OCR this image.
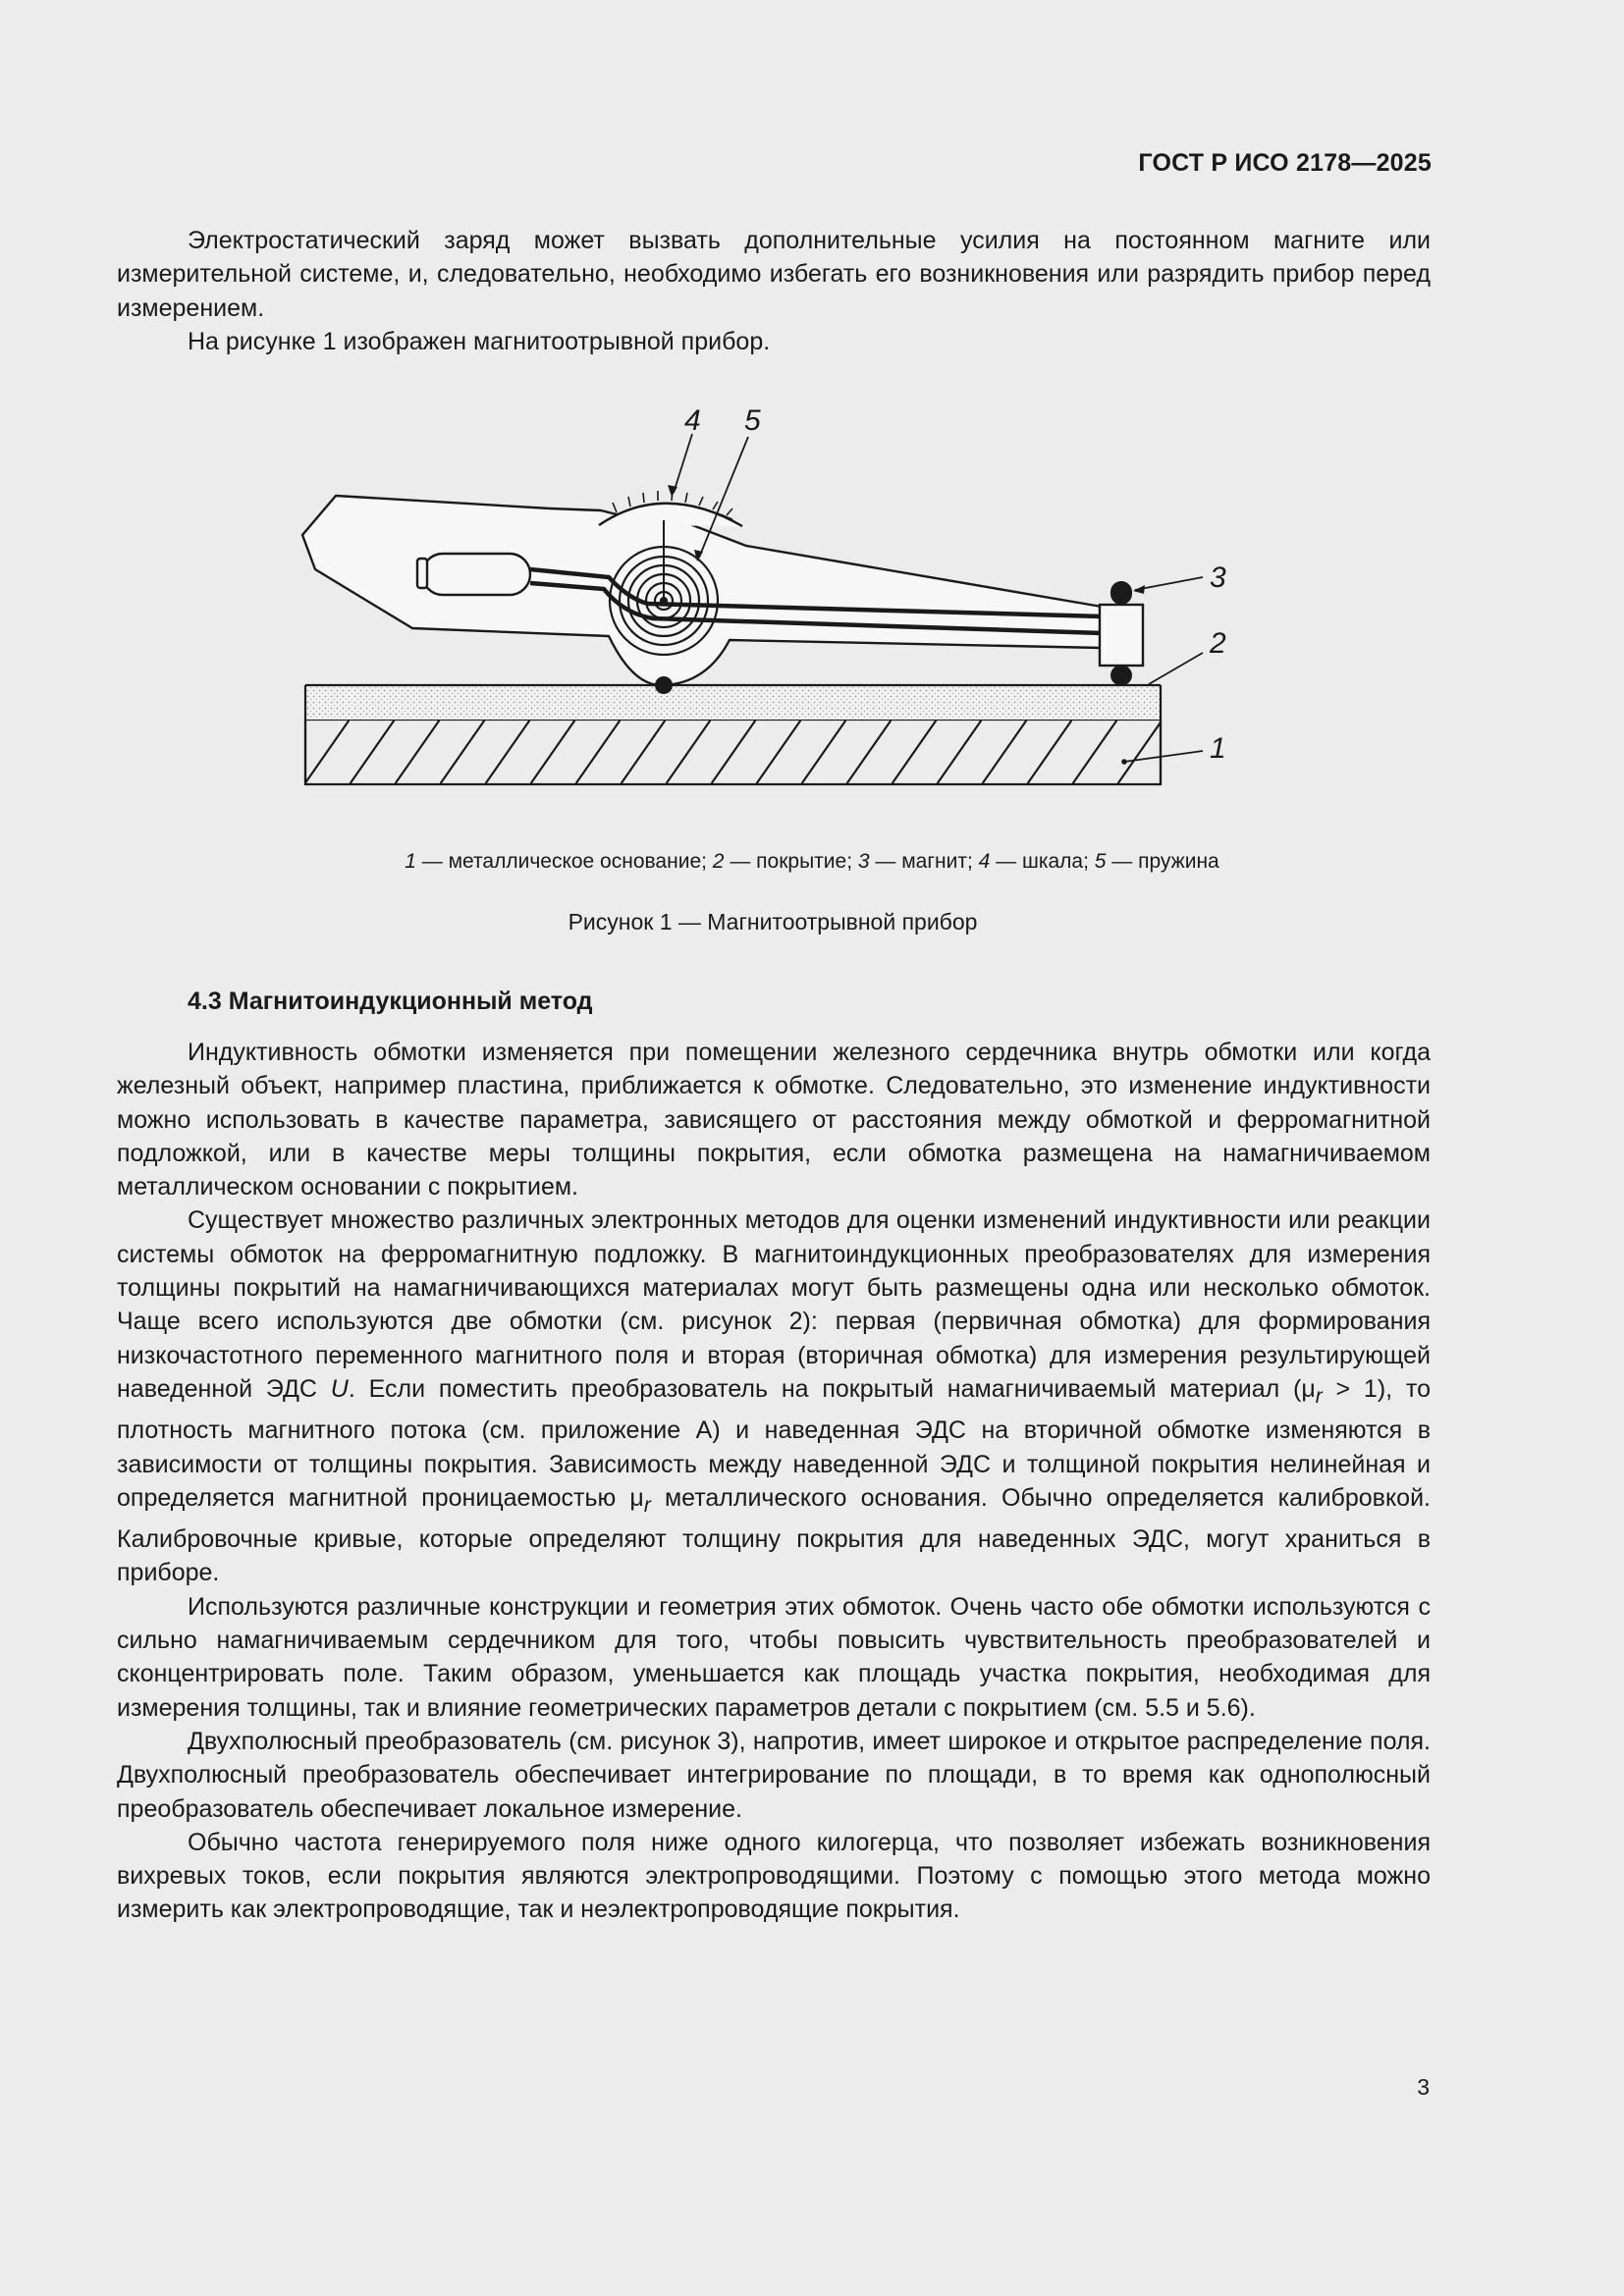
ГОСТ Р ИСО 2178—2025

Электростатический заряд может вызвать дополнительные усилия на постоянном магните или измерительной системе, и, следовательно, необходимо избегать его возникновения или разрядить прибор перед измерением.

На рисунке 1 изображен магнитоотрывной прибор.

4 5
3
2
1
1 — металлическое основание; 2 — покрытие; 3 — магнит; 4 — шкала; 5 — пружина
Рисунок 1 — Магнитоотрывной прибор
4.3 Магнитоиндукционный метод

Индуктивность обмотки изменяется при помещении железного сердечника внутрь обмотки или когда железный объект, например пластина, приближается к обмотке. Следовательно, это изменение индуктивности можно использовать в качестве параметра, зависящего от расстояния между обмоткой и ферромагнитной подложкой, или в качестве меры толщины покрытия, если обмотка размещена на намагничиваемом металлическом основании с покрытием.

Существует множество различных электронных методов для оценки изменений индуктивности или реакции системы обмоток на ферромагнитную подложку. В магнитоиндукционных преобразователях для измерения толщины покрытий на намагничивающихся материалах могут быть размещены одна или несколько обмоток. Чаще всего используются две обмотки (см. рисунок 2): первая (первичная обмотка) для формирования низкочастотного переменного магнитного поля и вторая (вторичная обмотка) для измерения результирующей наведенной ЭДС U. Если поместить преобразователь на покрытый намагничиваемый материал $(\mu_r > 1)$, то плотность магнитного потока (см. приложение А) и наведенная ЭДС на вторичной обмотке изменяются в зависимости от толщины покрытия. Зависимость между наведенной ЭДС и толщиной покрытия нелинейная и определяется магнитной проницаемостью $\mu_r$ металлического основания. Обычно определяется калибровкой. Калибровочные кривые, которые определяют толщину покрытия для наведенных ЭДС, могут храниться в приборе.

Используются различные конструкции и геометрия этих обмоток. Очень часто обе обмотки используются с сильно намагничиваемым сердечником для того, чтобы повысить чувствительность преобразователей и сконцентрировать поле. Таким образом, уменьшается как площадь участка покрытия, необходимая для измерения толщины, так и влияние геометрических параметров детали с покрытием (см. 5.5 и 5.6).

Двухполюсный преобразователь (см. рисунок 3), напротив, имеет широкое и открытое распределение поля. Двухполюсный преобразователь обеспечивает интегрирование по площади, в то время как однополюсный преобразователь обеспечивает локальное измерение.

Обычно частота генерируемого поля ниже одного килогерца, что позволяет избежать возникновения вихревых токов, если покрытия являются электропроводящими. Поэтому с помощью этого метода можно измерить как электропроводящие, так и неэлектропроводящие покрытия.

3
